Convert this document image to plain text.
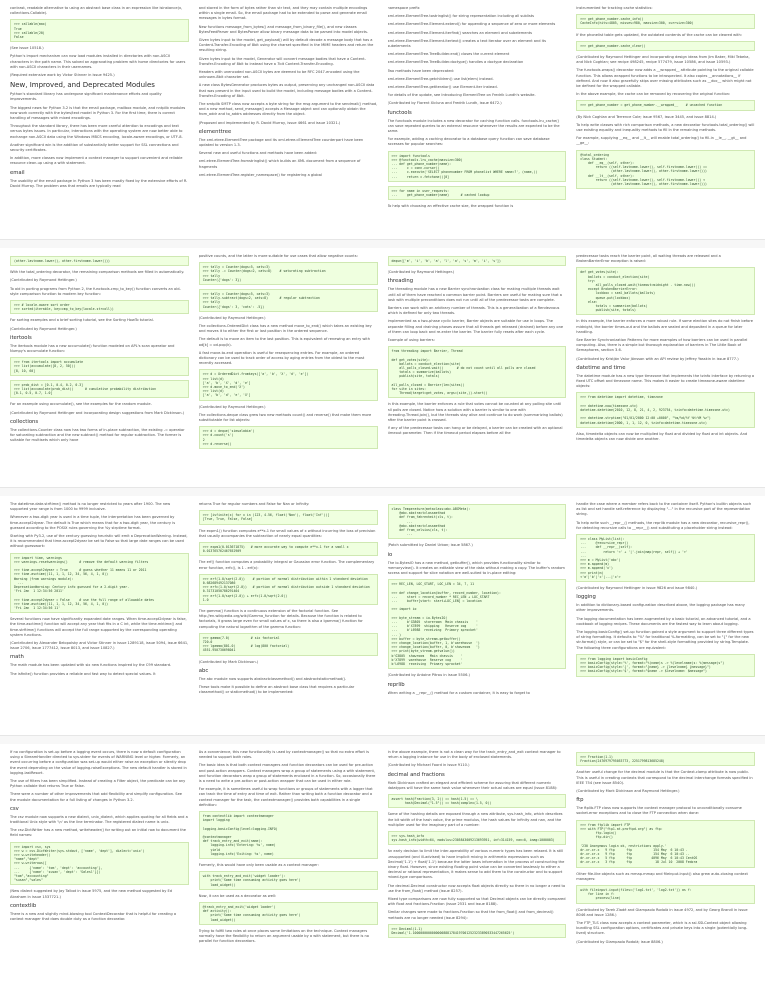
contrast, readable alternative to using an abstract base class in an expression like isinstance(x, collections.Callable).

>>> callable(max)
True
>>> callable(20)
False

(See issue 10518.)

Python's import mechanism can now load modules installed in directories with non-ASCII characters in the path name. This solved an aggravating problem with home directories for users with non-ASCII characters in their usernames.

(Required extensive work by Victor Stinner in issue 9425.)

New, Improved, and Deprecated Modules

Python's standard library has undergone significant maintenance efforts and quality improvements.

The biggest news for Python 3.2 is that the email package, mailbox module, and nntplib modules now work correctly with the bytes/text model in Python 3. For the first time, there is correct handling of messages with mixed encodings.

Throughout the standard library, there has been more careful attention to encodings and text versus bytes issues. In particular, interactions with the operating system are now better able to exchange non-ASCII data using the Windows MBCS encoding, locale-aware encodings, or UTF-8.

Another significant win is the addition of substantially better support for SSL connections and security certificates.

In addition, more classes now implement a context manager to support convenient and reliable resource clean-up using a with statement.

email

The usability of the email package in Python 3 has been mostly fixed by the extensive efforts of R. David Murray. The problem was that emails are typically read

and stored in the form of bytes rather than str text, and they may contain multiple encodings within a single email. So, the email package had to be extended to parse and generate email messages in bytes format.

New functions message_from_bytes() and message_from_binary_file(), and new classes BytesFeedParser and BytesParser allow binary message data to be parsed into model objects.

Given bytes input to the model, get_payload() will by default decode a message body that has a Content-Transfer-Encoding of 8bit using the charset specified in the MIME headers and return the resulting string.

Given bytes input to the model, Generator will convert message bodies that have a Content-Transfer-Encoding of 8bit to instead have a 7bit Content-Transfer-Encoding.

Headers with unencoded non-ASCII bytes are deemed to be RFC 2047-encoded using the unknown-8bit character set.

A new class BytesGenerator produces bytes as output, preserving any unchanged non-ASCII data that was present in the input used to build the model, including message bodies with a Content-Transfer-Encoding of 8bit.

The smtplib SMTP class now accepts a byte string for the msg argument to the sendmail() method, and a new method, send_message() accepts a Message object and can optionally obtain the from_addr and to_addrs addresses directly from the object.

(Proposed and implemented by R. David Murray, issue 4661 and issue 10321.)

elementtree

The xml.etree.ElementTree package and its xml.etree.cElementTree counterpart have been updated to version 1.3.

Several new and useful functions and methods have been added:

xml.etree.ElementTree.fromstringlist() which builds an XML document from a sequence of fragments

xml.etree.ElementTree.register_namespace() for registering a global

namespace prefix

xml.etree.ElementTree.tostringlist() for string representation including all sublists

xml.etree.ElementTree.Element.extend() for appending a sequence of zero or more elements

xml.etree.ElementTree.Element.iterfind() searches an element and subelements

xml.etree.ElementTree.Element.itertext() creates a text iterator over an element and its subelements

xml.etree.ElementTree.TreeBuilder.end() closes the current element

xml.etree.ElementTree.TreeBuilder.doctype() handles a doctype declaration

Two methods have been deprecated:

xml.etree.ElementTree.getchildren() use list(elem) instead.

xml.etree.ElementTree.getiterator() use Element.iter instead.

For details of the update, see Introducing ElementTree on Fredrik Lundh's website.

(Contributed by Florent Xicluna and Fredrik Lundh, issue 6472.)

functools

The functools module includes a new decorator for caching function calls. functools.lru_cache() can save repeated queries to an external resource whenever the results are expected to be the same.

For example, adding a caching decorator to a database query function can save database accesses for popular searches:

>>> import functools
>>> @functools.lru_cache(maxsize=300)
... def get_phone_number(name):
...     c = conn.cursor()
...     c.execute('SELECT phonenumber FROM phonelist WHERE name=?', (name,))
...     return c.fetchone()[0]
>>> for name in user_requests:
...     get_phone_number(name)      # cached lookup

To help with choosing an effective cache size, the wrapped function is

instrumented for tracking cache statistics:

>>> get_phone_number.cache_info()
CacheInfo(hits=4805, misses=980, maxsize=300, currsize=300)

If the phonelist table gets updated, the outdated contents of the cache can be cleared with:

>>> get_phone_number.cache_clear()

(Contributed by Raymond Hettinger and incorporating design ideas from Jim Baker, Miki Tebeka, and Nick Coghlan; see recipe 498245, recipe 577479, issue 10586, and issue 10593.)

The functools.wraps() decorator now adds a __wrapped__ attribute pointing to the original callable function. This allows wrapped functions to be introspected. It also copies __annotations__ if defined. And now it also gracefully skips over missing attributes such as __doc__ which might not be defined for the wrapped callable.

In the above example, the cache can be removed by recovering the original function:

>>> get_phone_number = get_phone_number.__wrapped__    # uncached function

(By Nick Coghlan and Terrence Cole; issue 9567, issue 3445, and issue 8814.)

To help write classes with rich comparison methods, a new decorator functools.total_ordering() will use existing equality and inequality methods to fill in the remaining methods.

For example, supplying __eq__ and __lt__ will enable total_ordering() to fill-in __le__, __gt__ and __ge__:

@total_ordering
class Student:
def __eq__(self, other):
return ((self.lastname.lower(), self.firstname.lower()) ==
(other.lastname.lower(), other.firstname.lower()))
def __lt__(self, other):
return ((self.lastname.lower(), self.firstname.lower()) <
(other.lastname.lower(), other.firstname.lower()))
(other.lastname.lower(), other.firstname.lower()))

With the total_ordering decorator, the remaining comparison methods are filled in automatically.

(Contributed by Raymond Hettinger.)

To aid in porting programs from Python 2, the functools.cmp_to_key() function converts an old-style comparison function to modern key function:

>>> # locale-aware sort order
>>> sorted(iterable, key=cmp_to_key(locale.strcoll))

For sorting examples and a brief sorting tutorial, see the Sorting HowTo tutorial.

(Contributed by Raymond Hettinger.)

itertools

The itertools module has a new accumulate() function modeled on APL's scan operator and Numpy's accumulate function:

>>> from itertools import accumulate
>>> list(accumulate([8, 2, 50]))
[8, 10, 60]
>>> prob_dist = [0.1, 0.4, 0.2, 0.3]
>>> list(accumulate(prob_dist))      # cumulative probability distribution
[0.1, 0.5, 0.7, 1.0]

For an example using accumulate(), see the examples for the random module.

(Contributed by Raymond Hettinger and incorporating design suggestions from Mark Dickinson.)

collections

The collections.Counter class now has two forms of in-place subtraction, the existing -= operator for saturating subtraction and the new subtract() method for regular subtraction. The former is suitable for multisets which only have

positive counts, and the latter is more suitable for use cases that allow negative counts:

>>> tally = Counter(dogs=5, cats=3)
>>> tally -= Counter(dogs=2, cats=8)    # saturating subtraction
>>> tally
Counter({'dogs': 3})
>>> tally = Counter(dogs=5, cats=3)
>>> tally.subtract(dogs=2, cats=8)      # regular subtraction
>>> tally
Counter({'dogs': 3, 'cats': -5})

(Contributed by Raymond Hettinger.)

The collections.OrderedDict class has a new method move_to_end() which takes an existing key and moves it to either the first or last position in the ordered sequence.

The default is to move an item to the last position. This is equivalent of renewing an entry with od[k] = od.pop(k).

A fast move-to-end operation is useful for resequencing entries. For example, an ordered dictionary can be used to track order of access by aging entries from the oldest to the most recently accessed.

>>> d = OrderedDict.fromkeys(['a', 'b', 'X', 'd', 'e'])
>>> list(d)
['a', 'b', 'X', 'd', 'e']
>>> d.move_to_end('X')
>>> list(d)
['a', 'b', 'd', 'e', 'X']

(Contributed by Raymond Hettinger.)

The collections.deque class grew two new methods count() and reverse() that make them more substitutable for list objects:

>>> d = deque('simsalabim')
>>> d.count('s')
2
>>> d.reverse()
deque(['m', 'i', 'b', 'a', 'l', 'a', 's', 'm', 'i', 's'])

(Contributed by Raymond Hettinger.)

threading

The threading module has a new Barrier synchronization class for making multiple threads wait until all of them have reached a common barrier point. Barriers are useful for making sure that a task with multiple preconditions does not run until all of the predecessor tasks are complete.

Barriers can work with an arbitrary number of threads. This is a generalization of a Rendezvous which is defined for only two threads.

Implemented as a two-phase cyclic barrier, Barrier objects are suitable for use in loops. The separate filling and draining phases assure that all threads get released (drained) before any one of them can loop back and re-enter the barrier. The barrier fully resets after each cycle.

Example of using barriers:

from threading import Barrier, Thread

def get_votes(site):
ballots = conduct_election(site)
all_polls_closed.wait()       # do not count until all polls are closed
totals = summarize(ballots)
publish(site, totals)

all_polls_closed = Barrier(len(sites))
for site in sites:
Thread(target=get_votes, args=(site,)).start()

In this example, the barrier enforces a rule that votes cannot be counted at any polling site until all polls are closed. Notice how a solution with a barrier is similar to one with threading.Thread.join(), but the threads stay alive and continue to do work (summarizing ballots) after the barrier point is crossed.

If any of the predecessor tasks can hang or be delayed, a barrier can be created with an optional timeout parameter. Then if the timeout period elapses before all the

predecessor tasks reach the barrier point, all waiting threads are released and a BrokenBarrierError exception is raised:

def get_votes(site):
ballots = conduct_election(site)
try:
all_polls_closed.wait(timeout=midnight - time.now())
except BrokenBarrierError:
lockbox = seal_ballots(ballots)
queue.put(lockbox)
else:
totals = summarize(ballots)
publish(site, totals)

In this example, the barrier enforces a more robust rule. If some election sites do not finish before midnight, the barrier times-out and the ballots are sealed and deposited in a queue for later handling.

See Barrier Synchronization Patterns for more examples of how barriers can be used in parallel computing. Also, there is a simple but thorough explanation of barriers in The Little Book of Semaphores, section 3.6.

(Contributed by Kristján Valur Jónsson with an API review by Jeffrey Yasskin in issue 8777.)

datetime and time

The datetime module has a new type timezone that implements the tzinfo interface by returning a fixed UTC offset and timezone name. This makes it easier to create timezone-aware datetime objects:

>>> from datetime import datetime, timezone

>>> datetime.now(timezone.utc)
datetime.datetime(2010, 12, 8, 21, 4, 2, 923754, tzinfo=datetime.timezone.utc)

>>> datetime.strptime("01/01/2000 12:00 +0000", "%m/%d/%Y %H:%M %z")
datetime.datetime(2000, 1, 1, 12, 0, tzinfo=datetime.timezone.utc)

Also, timedelta objects can now be multiplied by float and divided by float and int objects. And timedelta objects can now divide one another.

The datetime.date.strftime() method is no longer restricted to years after 1900. The new supported year range is from 1000 to 9999 inclusive.

Whenever a two-digit year is used in a time tuple, the interpretation has been governed by time.accept2dyear. The default is True which means that for a two-digit year, the century is guessed according to the POSIX rules governing the %y strptime format.

Starting with Py3.2, use of the century guessing heuristic will emit a DeprecationWarning. Instead, it is recommended that time.accept2dyear be set to False so that large date ranges can be used without guesswork:

>>> import time, warnings
>>> warnings.resetwarnings()      # remove the default warning filters

>>> time.accept2dyear = True      # guess whether 11 means 11 or 2011
>>> time.asctime((11, 1, 1, 12, 34, 56, 4, 1, 0))
Warning (from warnings module):
...
DeprecationWarning: Century info guessed for a 2-digit year.
'Fri Jan  1 12:34:56 2011'

>>> time.accept2dyear = False     # use the full range of allowable dates
>>> time.asctime((11, 1, 1, 12, 34, 56, 4, 1, 0))
'Fri Jan  1 12:34:56 11'

Several functions now have significantly expanded date ranges. When time.accept2dyear is false, the time.asctime() function will accept any year that fits in a C int, while the time.mktime() and time.strftime() functions will accept the full range supported by the corresponding operating system functions.

(Contributed by Alexander Belopolsky and Victor Stinner in issue 1289118, issue 5094, issue 6641, issue 2706, issue 1777412, issue 8013, and issue 10827.)

math

The math module has been updated with six new functions inspired by the C99 standard.

The isfinite() function provides a reliable and fast way to detect special values. It

returns True for regular numbers and False for Nan or Infinity:

>>> [isfinite(x) for x in (123, 4.56, float('Nan'), float('Inf'))]
[True, True, False, False]

The expm1() function computes e**x-1 for small values of x without incurring the loss of precision that usually accompanies the subtraction of nearly equal quantities:

>>> expm1(0.013671875)   # more accurate way to compute e**x-1 for a small x
0.013765762467652909

The erf() function computes a probability integral or Gaussian error function. The complementary error function, erfc(), is 1 - erf(x):

>>> erf(1.0/sqrt(2.0))    # portion of normal distribution within 1 standard deviation
0.682689492137086
>>> erfc(1.0/sqrt(2.0))   # portion of normal distribution outside 1 standard deviation
0.31731050786291404
>>> erf(1.0/sqrt(2.0)) + erfc(1.0/sqrt(2.0))
1.0

The gamma() function is a continuous extension of the factorial function. See http://en.wikipedia.org/wiki/Gamma_function for details. Because the function is related to factorials, it grows large even for small values of x, so there is also a lgamma() function for computing the natural logarithm of the gamma function:

>>> gamma(7.0)           # six factorial
720.0
>>> lgamma(801.0)        # log(800 factorial)
4551.950730698041

(Contributed by Mark Dickinson.)

abc

The abc module now supports abstractclassmethod() and abstractstaticmethod().

These tools make it possible to define an abstract base class that requires a particular classmethod() or staticmethod() to be implemented:

class Temperature(metaclass=abc.ABCMeta):
@abc.abstractclassmethod
def from_fahrenheit(cls, t):
...
@abc.abstractclassmethod
def from_celsius(cls, t):
...

(Patch submitted by Daniel Urban; issue 5867.)

io

The io.BytesIO has a new method, getbuffer(), which provides functionality similar to memoryview(). It creates an editable view of the data without making a copy. The buffer's random access and support for slice notation are well-suited to in-place editing:

>>> REC_LEN, LOC_START, LOC_LEN = 34, 7, 11

>>> def change_location(buffer, record_number, location):
...     start = record_number * REC_LEN + LOC_START
...     buffer[start: start+LOC_LEN] = location

>>> import io

>>> byte_stream = io.BytesIO(
...     b'G3805  storeroom  Main chassis    '
...     b'X7899  shipping   Reserve cog     '
...     b'L6988  receiving  Primary sprocket'
... )
>>> buffer = byte_stream.getbuffer()
>>> change_location(buffer, 1, b'warehouse  ')
>>> change_location(buffer, 0, b'showroom   ')
>>> print(byte_stream.getvalue())
b'G3805  showroom   Main chassis    '
b'X7899  warehouse  Reserve cog     '
b'L6988  receiving  Primary sprocket'

(Contributed by Antoine Pitrou in issue 5506.)

reprlib

When writing a __repr__() method for a custom container, it is easy to forget to

handle the case where a member refers back to the container itself. Python's builtin objects such as list and set handle self-reference by displaying "..." in the recursive part of the representation string.

To help write such __repr__() methods, the reprlib module has a new decorator, recursive_repr(), for detecting recursive calls to __repr__() and substituting a placeholder string instead:

>>> class MyList(list):
...     @recursive_repr()
...     def __repr__(self):
...         return '<' + '|'.join(map(repr, self)) + '>'
...
>>> m = MyList('abc')
>>> m.append(m)
>>> m.append('x')
>>> print(m)
<'a'|'b'|'c'|...|'x'>

(Contributed by Raymond Hettinger in issue 9826 and issue 9840.)

logging

In addition to dictionary-based configuration described above, the logging package has many other improvements.

The logging documentation has been augmented by a basic tutorial, an advanced tutorial, and a cookbook of logging recipes. These documents are the fastest way to learn about logging.

The logging.basicConfig() set-up function gained a style argument to support three different types of string formatting. It defaults to "%" for traditional %-formatting, can be set to "{" for the new str.format() style, or can be set to "$" for the shell-style formatting provided by string.Template. The following three configurations are equivalent:

>>> from logging import basicConfig
>>> basicConfig(style='%', format="%(name)s -> %(levelname)s: %(message)s")
>>> basicConfig(style='{', format="{name} -> {levelname} {message}")
>>> basicConfig(style='$', format="$name -> $levelname: $message")

If no configuration is set-up before a logging event occurs, there is now a default configuration using a StreamHandler directed to sys.stderr for events of WARNING level or higher. Formerly, an event occurring before a configuration was set-up would either raise an exception or silently drop the event depending on the value of logging.raiseExceptions. The new default handler is stored in logging.lastResort.

The use of filters has been simplified. Instead of creating a Filter object, the predicate can be any Python callable that returns True or False.

There were a number of other improvements that add flexibility and simplify configuration. See the module documentation for a full listing of changes in Python 3.2.

csv

The csv module now supports a new dialect, unix_dialect, which applies quoting for all fields and a traditional Unix style with '\n' as the line terminator. The registered dialect name is unix.

The csv.DictWriter has a new method, writeheader() for writing out an initial row to document the field names:

>>> import csv, sys
>>> w = csv.DictWriter(sys.stdout, ['name', 'dept'], dialect='unix')
>>> w.writeheader()
"name","dept"
>>> w.writerows([
...     {'name': 'tom', 'dept': 'accounting'},
...     {'name': 'susan', 'dept': 'Salesl'}])
"tom","accounting"
"susan","sales"

(New dialect suggested by Jay Talbot in issue 5975, and the new method suggested by Ed Abraham in issue 1537721.)

contextlib

There is a new and slightly mind-blowing tool ContextDecorator that is helpful for creating a context manager that does double duty as a function decorator.

As a convenience, this new functionality is used by contextmanager() so that no extra effort is needed to support both roles.

The basic idea is that both context managers and function decorators can be used for pre-action and post-action wrappers. Context managers wrap a group of statements using a with statement, and function decorators wrap a group of statements enclosed in a function. So, occasionally there is a need to write a pre-action or post-action wrapper that can be used in either role.

For example, it is sometimes useful to wrap functions or groups of statements with a logger that can track the time of entry and time of exit. Rather than writing both a function decorator and a context manager for the task, the contextmanager() provides both capabilities in a single definition:

from contextlib import contextmanager
import logging

logging.basicConfig(level=logging.INFO)

@contextmanager
def track_entry_and_exit(name):
logging.info('Entering: %s', name)
yield
logging.info('Exiting: %s', name)

Formerly, this would have only been usable as a context manager:

with track_entry_and_exit('widget loader'):
print('Some time consuming activity goes here')
load_widget()

Now, it can be used as a decorator as well:

@track_entry_and_exit('widget loader')
def activity():
print('Some time consuming activity goes here')
load_widget()

Trying to fulfill two roles at once places some limitations on the technique. Context managers normally have the flexibility to return an argument usable by a with statement, but there is no parallel for function decorators.

In the above example, there is not a clean way for the track_entry_and_exit context manager to return a logging instance for use in the body of enclosed statements.

(Contributed by Michael Foord in issue 9110.)

decimal and fractions

Mark Dickinson crafted an elegant and efficient scheme for assuring that different numeric datatypes will have the same hash value whenever their actual values are equal (issue 8188):

assert hash(Fraction(3, 2)) == hash(1.5) == \
hash(Decimal("1.5")) == hash(complex(1.5, 0))

Some of the hashing details are exposed through a new attribute, sys.hash_info, which describes the bit width of the hash value, the prime modulus, the hash values for infinity and nan, and the multiplier used for the imaginary part of a number:

>>> sys.hash_info
sys.hash_info(width=64, modulus=2305843009213693951, inf=314159, nan=0, imag=1000003)

An early decision to limit the inter-operability of various numeric types has been relaxed. It is still unsupported (and ill-advised) to have implicit mixing in arithmetic expressions such as Decimal('1.1') + float('1.1') because the latter loses information in the process of constructing the binary float. However, since existing floating point value can be converted losslessly to either a decimal or rational representation, it makes sense to add them to the constructor and to support mixed-type comparisons.

The decimal.Decimal constructor now accepts float objects directly so there in no longer a need to use the from_float() method (issue 8257).

Mixed type comparisons are now fully supported so that Decimal objects can be directly compared with float and fractions.Fraction (issue 2531 and issue 8188).

Similar changes were made to fractions.Fraction so that the from_float() and from_decimal() methods are no longer needed (issue 8294):

>>> Decimal(1.1)
Decimal('1.100000000000000088817841970012523233890533447265625')
>>> Fraction(1.1)
Fraction(2476979795053773, 2251799813685248)

Another useful change for the decimal module is that the Context.clamp attribute is now public. This is useful in creating contexts that correspond to the decimal interchange formats specified in IEEE 754 (see issue 8540).

(Contributed by Mark Dickinson and Raymond Hettinger.)

ftp

The ftplib.FTP class now supports the context manager protocol to unconditionally consume socket.error exceptions and to close the FTP connection when done:

>>> from ftplib import FTP
>>> with FTP("ftp1.at.proftpd.org") as ftp:
ftp.login()
ftp.dir()

'230 Anonymous login ok, restrictions apply.'
dr-xr-xr-x   9 ftp      ftp           154 May  6 10:43 .
dr-xr-xr-x   9 ftp      ftp           154 May  6 10:43 ..
dr-xr-xr-x   5 ftp      ftp          4096 May  6 10:43 CentOS
dr-xr-xr-x   3 ftp      ftp            18 Jul 10  2008 Fedora

Other file-like objects such as mmap.mmap and fileinput.input() also grew auto-closing context managers:

with fileinput.input(files=('log1.txt', 'log2.txt')) as f:
for line in f:
process(line)

(Contributed by Tarek Ziadé and Giampaolo Rodolà in issue 4972, and by Georg Brandl in issue 8046 and issue 1286.)

The FTP_TLS class now accepts a context parameter, which is a ssl.SSLContext object allowing bundling SSL configuration options, certificates and private keys into a single (potentially long-lived) structure.

(Contributed by Giampaolo Rodolà; issue 8806.)
